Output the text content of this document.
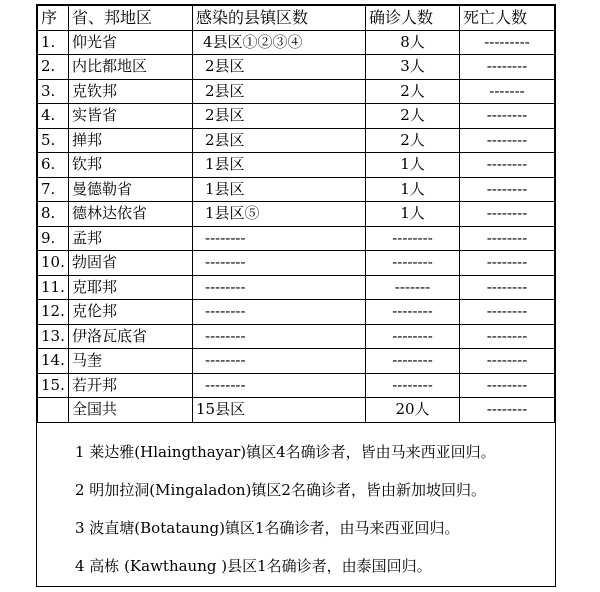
序	省、邦地区	感染的县镇区数	确诊人数	死亡人数
1.	仰光省	4县区①②③④	8人	---------
2.	内比都地区	2县区	3人	--------
3.	克钦邦	2县区	2人	-------
4.	实皆省	2县区	2人	--------
5.	掸邦	2县区	2人	--------
6.	钦邦	1县区	1人	--------
7.	曼德勒省	1县区	1人	--------
8.	德林达依省	1县区⑤	1人	--------
9.	孟邦	--------	--------	--------
10.	勃固省	--------	--------	--------
11.	克耶邦	--------	-------	--------
12.	克伦邦	--------	--------	--------
13.	伊洛瓦底省	--------	--------	--------
14.	马奎	--------	--------	--------
15.	若开邦	--------	--------	--------
	全国共	15县区	20人	--------
1 莱达雅(Hlaingthayar)镇区4名确诊者，皆由马来西亚回归。
2 明加拉洞(Mingaladon)镇区2名确诊者，皆由新加坡回归。
3 波直塘(Botataung)镇区1名确诊者，由马来西亚回归。
4 高栋 (Kawthaung )县区1名确诊者，由泰国回归。
